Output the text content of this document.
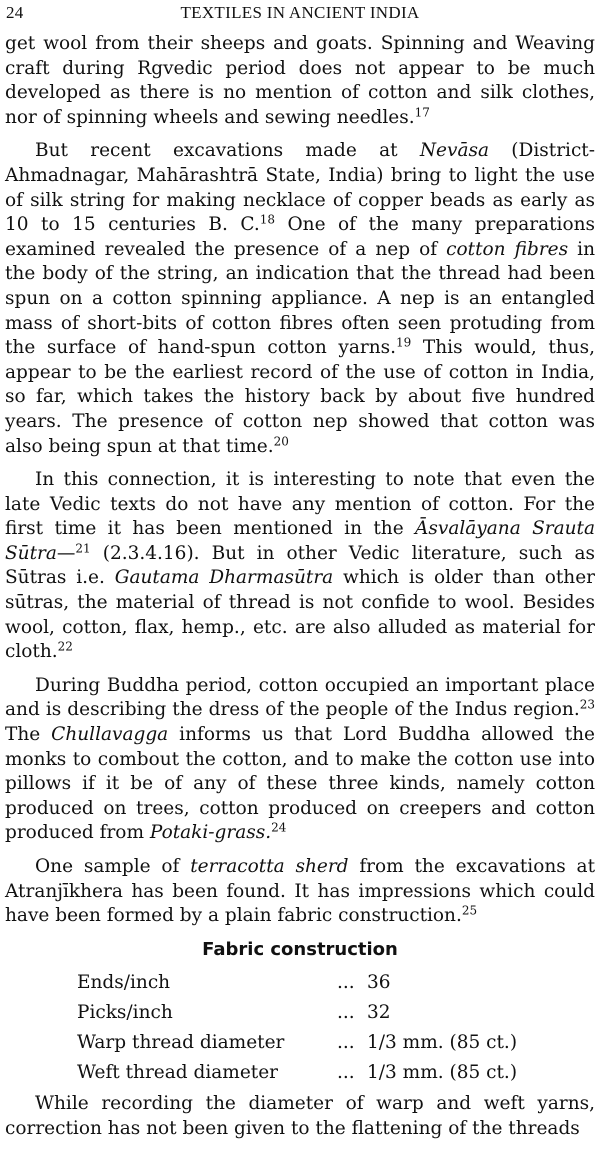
24	TEXTILES IN ANCIENT INDIA

get wool from their sheeps and goats. Spinning and Weaving craft during Rgvedic period does not appear to be much developed as there is no mention of cotton and silk clothes, nor of spinning wheels and sewing needles.$^{17}$

But recent excavations made at Nevāsa (District-Ahmadnagar, Mahārashtrā State, India) bring to light the use of silk string for making necklace of copper beads as early as 10 to 15 centuries B. C.$^{18}$ One of the many preparations examined revealed the presence of a nep of cotton fibres in the body of the string, an indication that the thread had been spun on a cotton spinning appliance. A nep is an entangled mass of short-bits of cotton fibres often seen protuding from the surface of hand-spun cotton yarns.$^{19}$ This would, thus, appear to be the earliest record of the use of cotton in India, so far, which takes the history back by about five hundred years. The presence of cotton nep showed that cotton was also being spun at that time.$^{20}$

In this connection, it is interesting to note that even the late Vedic texts do not have any mention of cotton. For the first time it has been mentioned in the Āsvalāyana Srauta Sūtra—$^{21}$ (2.3.4.16). But in other Vedic literature, such as Sūtras i.e. Gautama Dharmasūtra which is older than other sūtras, the material of thread is not confide to wool. Besides wool, cotton, flax, hemp., etc. are also alluded as material for cloth.$^{22}$

During Buddha period, cotton occupied an important place and is describing the dress of the people of the Indus region.$^{23}$ The Chullavagga informs us that Lord Buddha allowed the monks to combout the cotton, and to make the cotton use into pillows if it be of any of these three kinds, namely cotton produced on trees, cotton produced on creepers and cotton produced from Potaki-grass.$^{24}$

One sample of terracotta sherd from the excavations at Atranjīkhera has been found. It has impressions which could have been formed by a plain fabric construction.$^{25}$

Fabric construction
Ends/inch	... 36
Picks/inch	... 32
Warp thread diameter	... 1/3 mm. (85 ct.)
Weft thread diameter	... 1/3 mm. (85 ct.)

While recording the diameter of warp and weft yarns, correction has not been given to the flattening of the threads
